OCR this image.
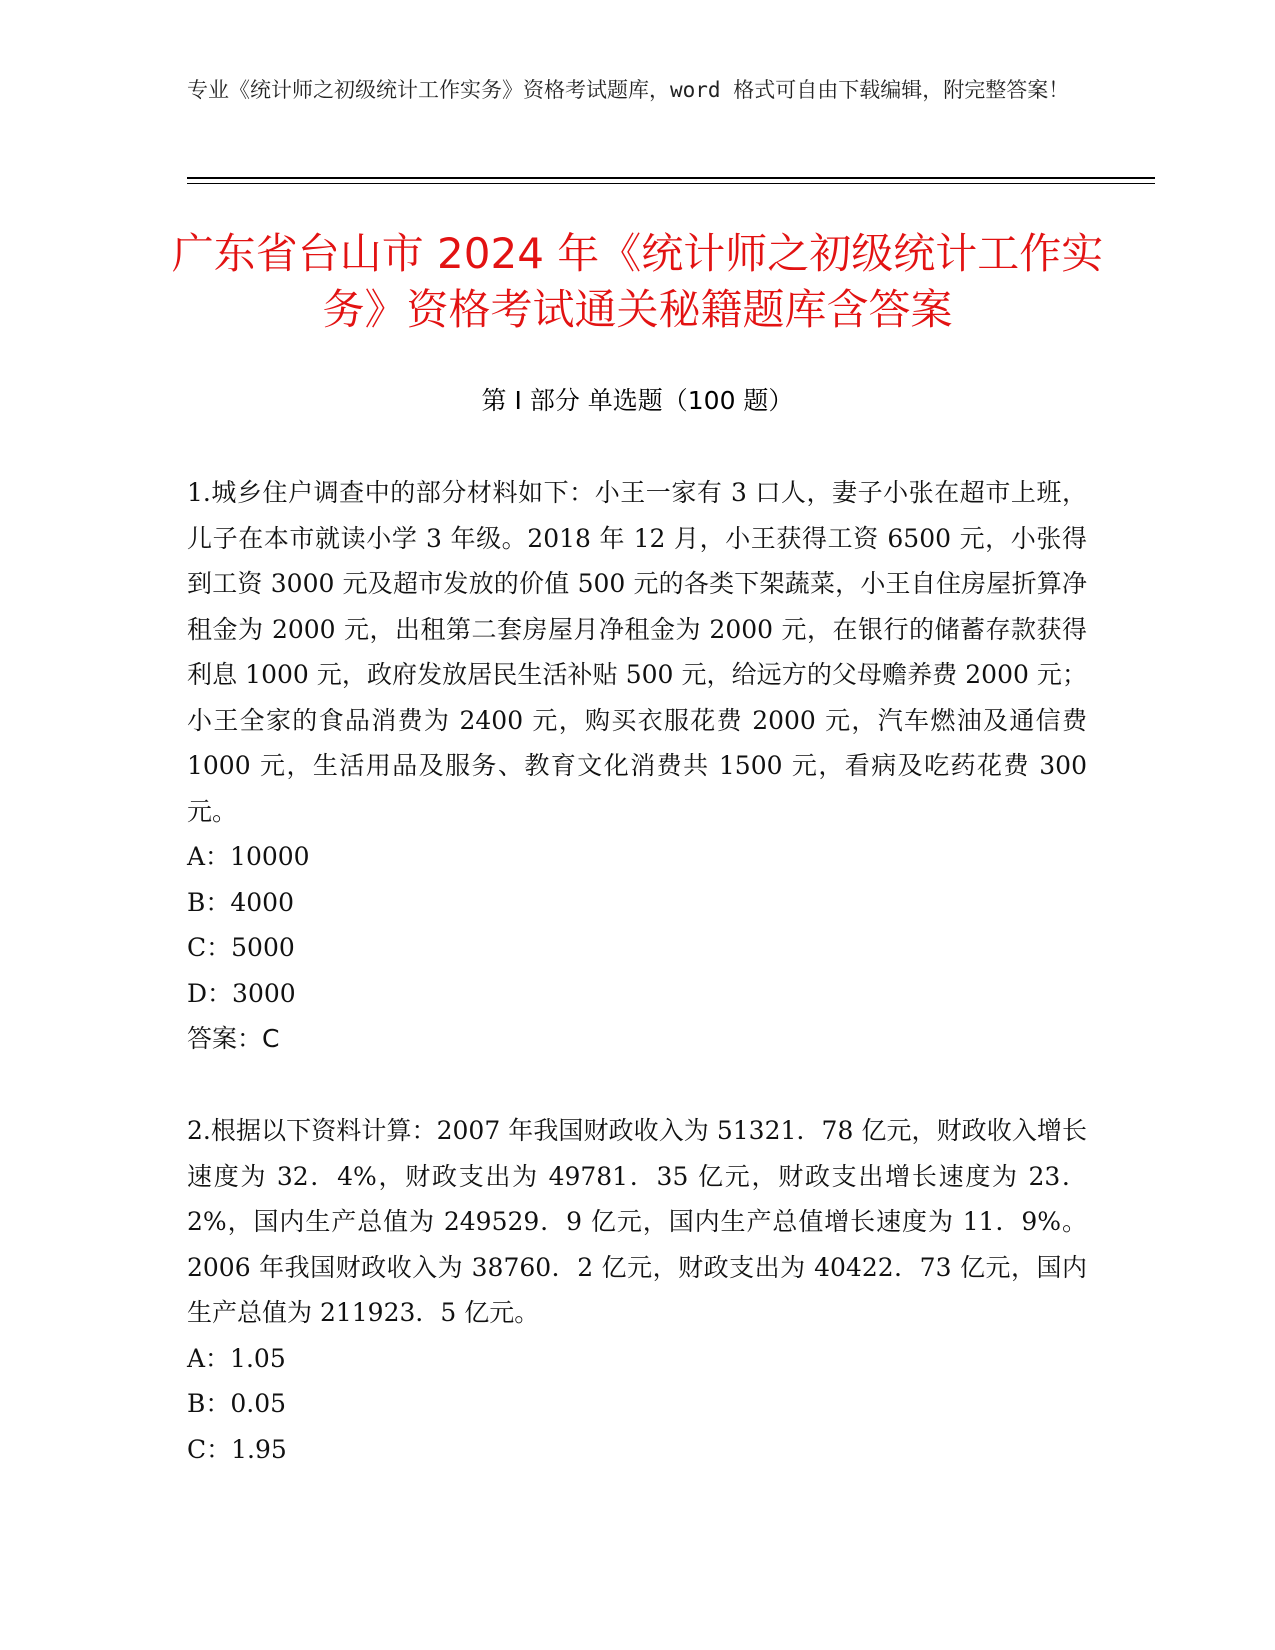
专业《统计师之初级统计工作实务》资格考试题库，word 格式可自由下载编辑，附完整答案！
广东省台山市 2024 年《统计师之初级统计工作实务》资格考试通关秘籍题库含答案
第 I 部分 单选题（100 题）
1.城乡住户调查中的部分材料如下：小王一家有 3 口人，妻子小张在超市上班，儿子在本市就读小学 3 年级。2018 年 12 月，小王获得工资 6500 元，小张得到工资 3000 元及超市发放的价值 500 元的各类下架蔬菜，小王自住房屋折算净租金为 2000 元，出租第二套房屋月净租金为 2000 元，在银行的储蓄存款获得利息 1000 元，政府发放居民生活补贴 500 元，给远方的父母赡养费 2000 元；小王全家的食品消费为 2400 元，购买衣服花费 2000 元，汽车燃油及通信费 1000 元，生活用品及服务、教育文化消费共 1500 元，看病及吃药花费 300 元。
A：10000
B：4000
C：5000
D：3000
答案：C
2.根据以下资料计算：2007 年我国财政收入为 51321．78 亿元，财政收入增长速度为 32．4%，财政支出为 49781．35 亿元，财政支出增长速度为 23．2%，国内生产总值为 249529．9 亿元，国内生产总值增长速度为 11．9%。2006 年我国财政收入为 38760．2 亿元，财政支出为 40422．73 亿元，国内生产总值为 211923．5 亿元。
A：1.05
B：0.05
C：1.95
